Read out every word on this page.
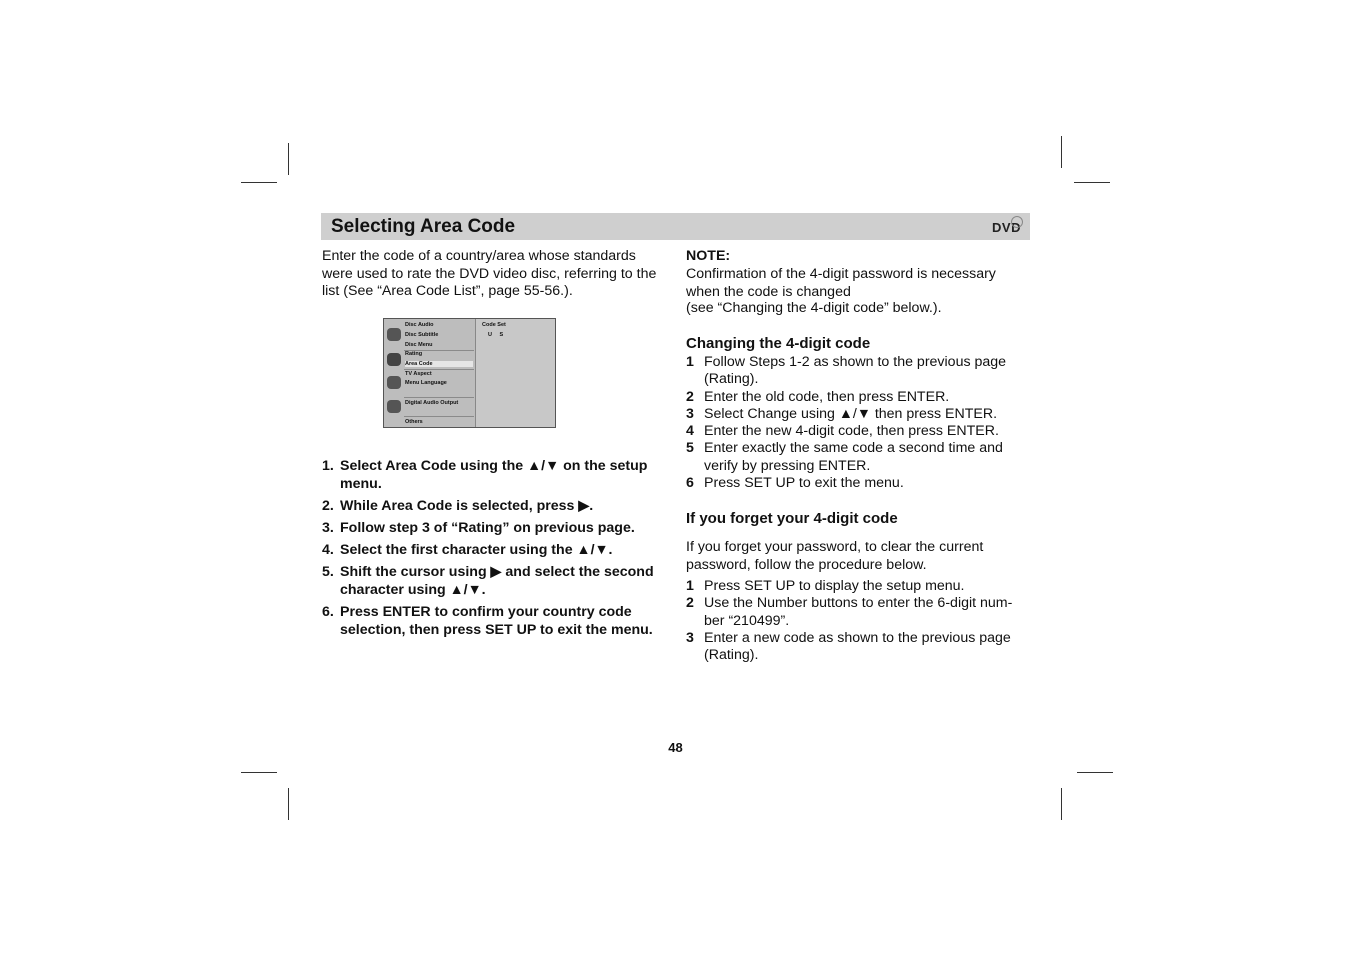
Selecting Area Code	DVD
Enter the code of a country/area whose standards were used to rate the DVD video disc, referring to the list (See “Area Code List”, page 55-56.).
Disc Audio
Disc Subtitle
Disc Menu
Rating
Area Code
TV Aspect
Menu Language
Digital Audio Output
Others
Code Set
U S
1. Select Area Code using the ▲/▼ on the setup menu.
2. While Area Code is selected, press ▶.
3. Follow step 3 of “Rating” on previous page.
4. Select the first character using the ▲/▼.
5. Shift the cursor using ▶ and select the second character using ▲/▼.
6. Press ENTER to confirm your country code selection, then press SET UP to exit the menu.
NOTE:
Confirmation of the 4-digit password is necessary when the code is changed
(see “Changing the 4-digit code” below.).
Changing the 4-digit code
1 Follow Steps 1-2 as shown to the previous page (Rating).
2 Enter the old code, then press ENTER.
3 Select Change using ▲/▼ then press ENTER.
4 Enter the new 4-digit code, then press ENTER.
5 Enter exactly the same code a second time and verify by pressing ENTER.
6 Press SET UP to exit the menu.
If you forget your 4-digit code
If you forget your password, to clear the current password, follow the procedure below.
1 Press SET UP to display the setup menu.
2 Use the Number buttons to enter the 6-digit num-ber “210499”.
3 Enter a new code as shown to the previous page (Rating).
48
